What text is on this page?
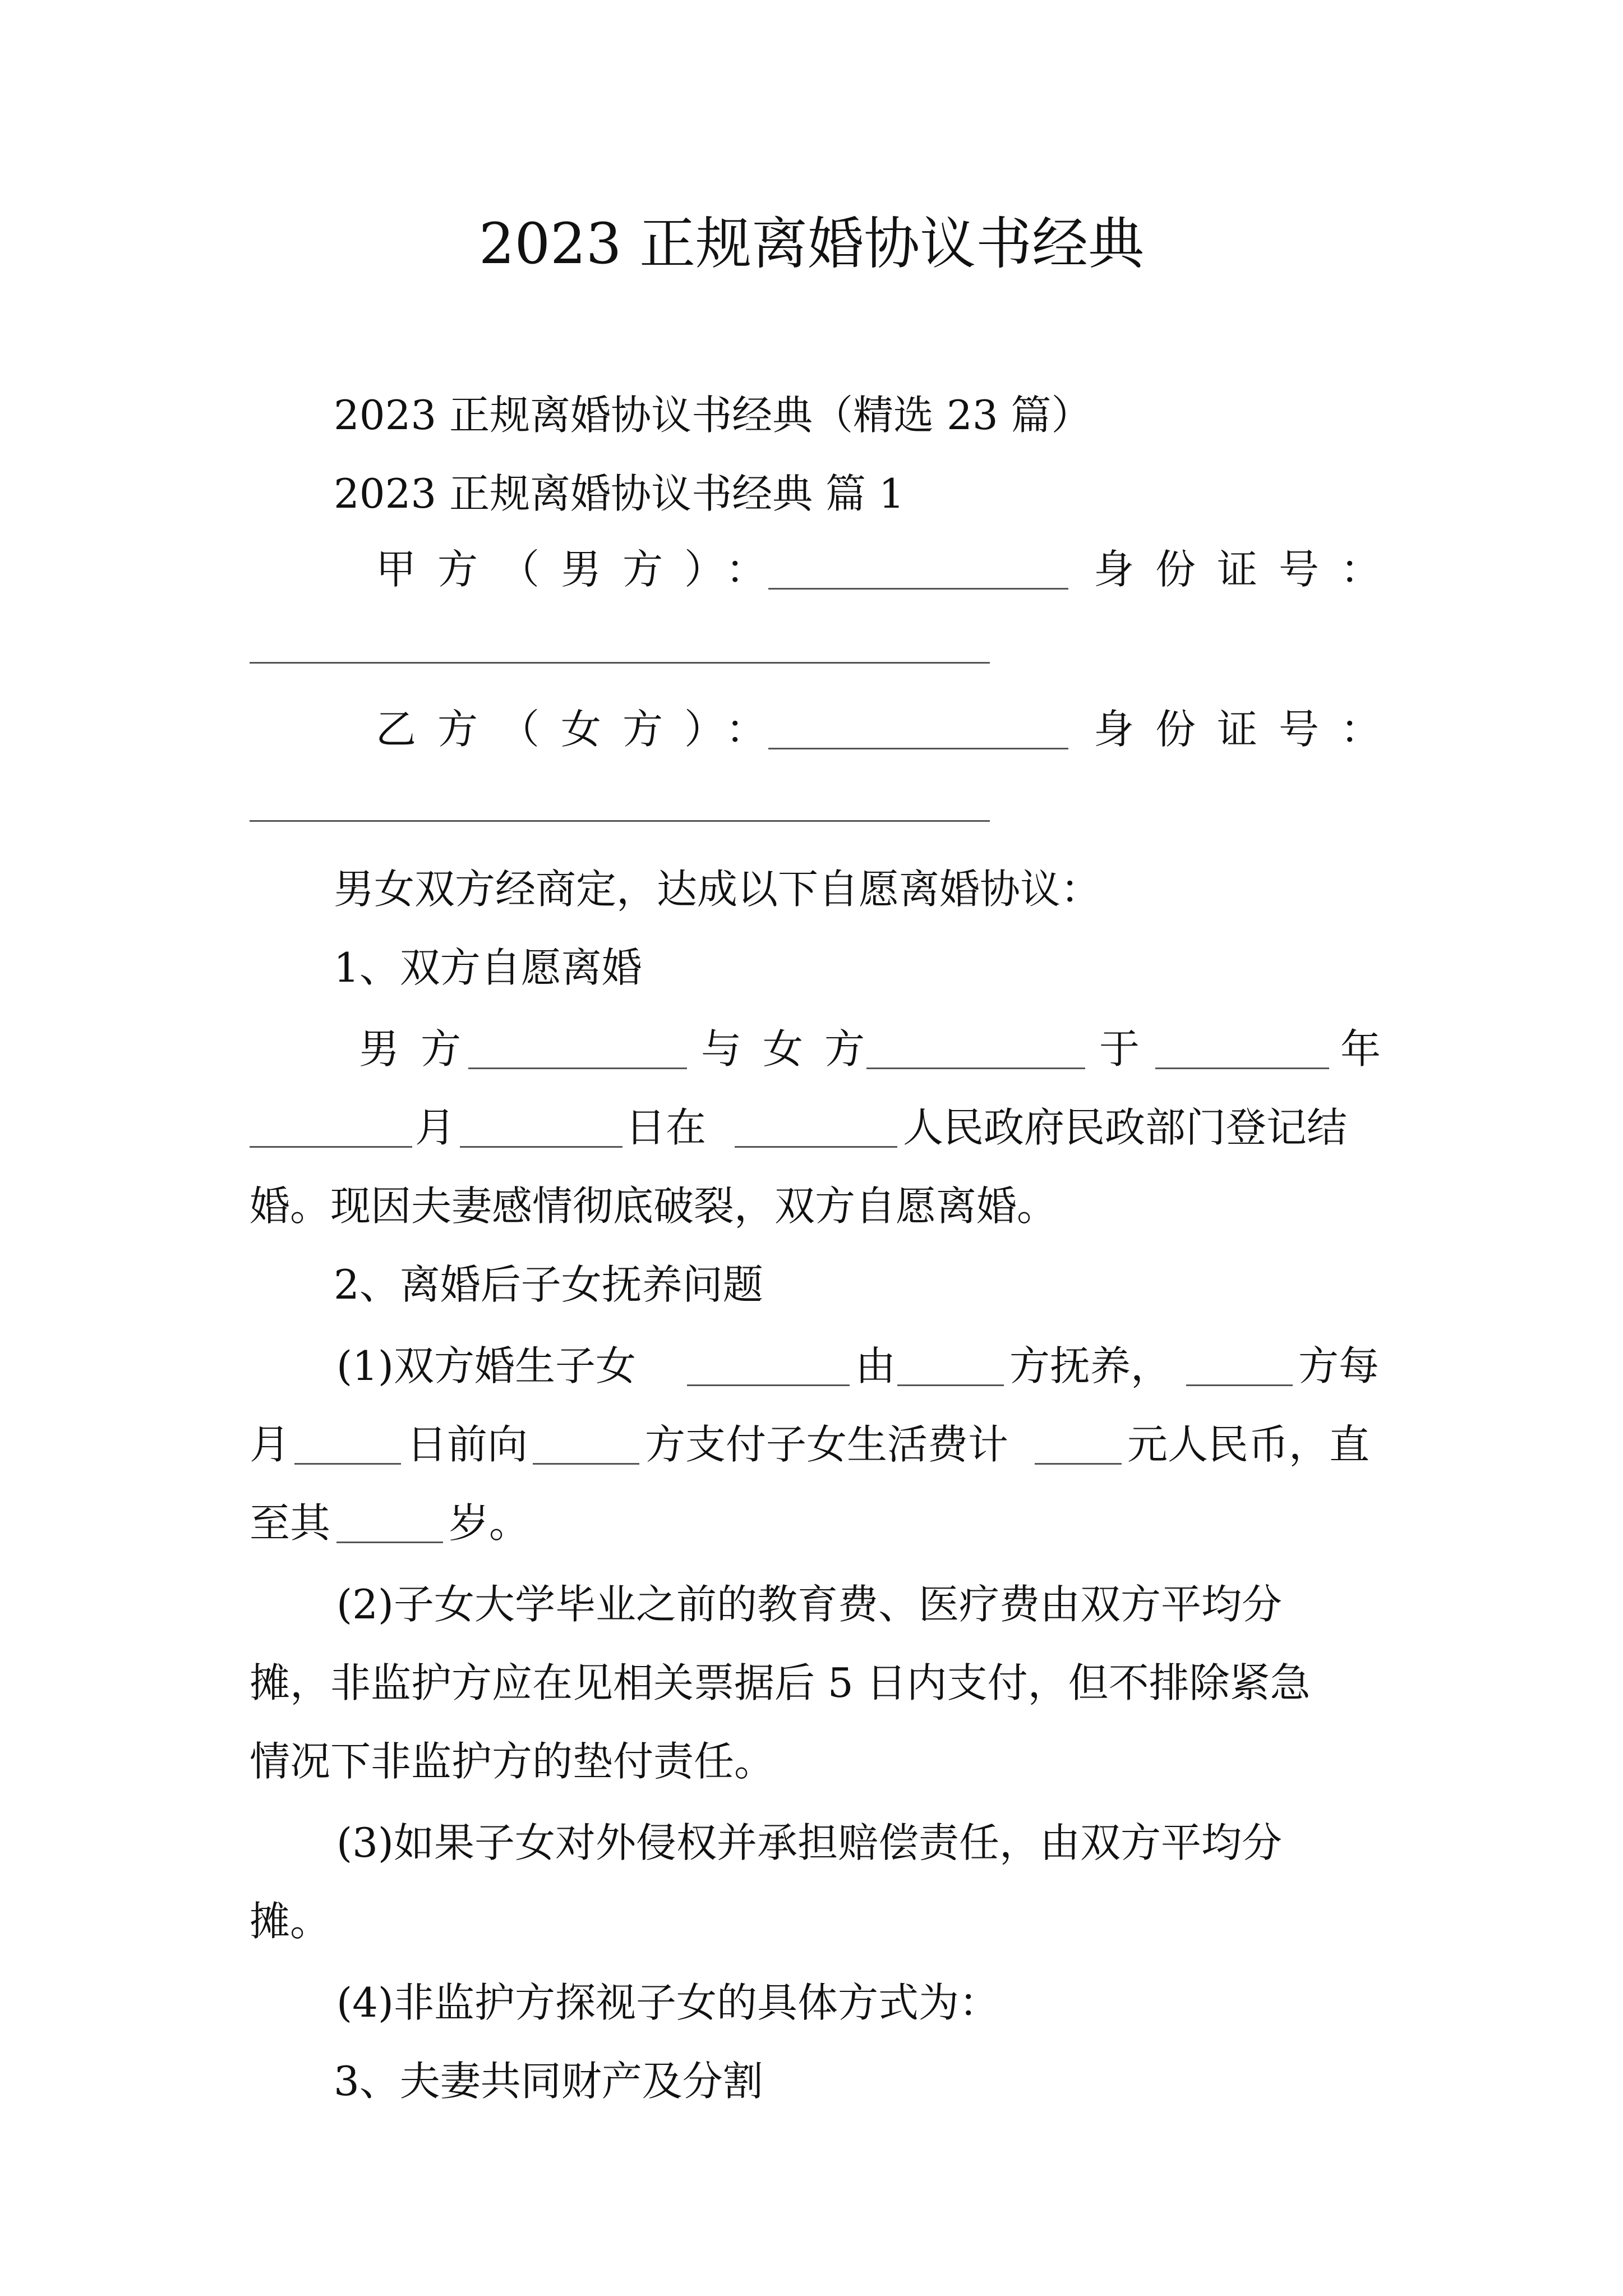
2023 正规离婚协议书经典
2023 正规离婚协议书经典（精选 23 篇）
2023 正规离婚协议书经典 篇 1
甲方（男方）：	身份证号：
乙方（女方）：	身份证号：
男女双方经商定，达成以下自愿离婚协议：
1、双方自愿离婚
男方	与女方	于	年
月	日在	人民政府民政部门登记结
婚。现因夫妻感情彻底破裂，双方自愿离婚。
2、离婚后子女抚养问题
(1)双方婚生子女	由	方抚养，	方每
月	日前向	方支付子女生活费计	元人民币，直
至其	岁。
(2)子女大学毕业之前的教育费、医疗费由双方平均分
摊，非监护方应在见相关票据后 5 日内支付，但不排除紧急
情况下非监护方的垫付责任。
(3)如果子女对外侵权并承担赔偿责任，由双方平均分
摊。
(4)非监护方探视子女的具体方式为：
3、夫妻共同财产及分割
